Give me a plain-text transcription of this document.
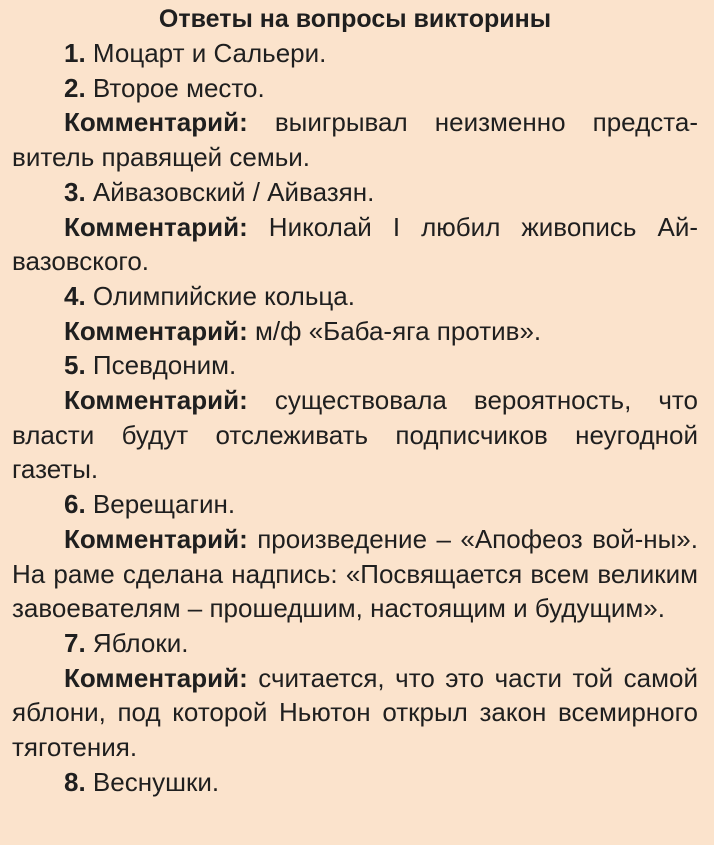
Ответы на вопросы викторины

1. Моцарт и Сальери.

2. Второе место.

Комментарий: выигрывал неизменно предста-витель правящей семьи.

3. Айвазовский / Айвазян.

Комментарий: Николай I любил живопись Ай-вазовского.

4. Олимпийские кольца.

Комментарий: м/ф «Баба-яга против».

5. Псевдоним.

Комментарий: существовала вероятность, что власти будут отслеживать подписчиков неугодной газеты.

6. Верещагин.

Комментарий: произведение – «Апофеоз вой-ны». На раме сделана надпись: «Посвящается всем великим завоевателям – прошедшим, настоящим и будущим».

7. Яблоки.

Комментарий: считается, что это части той самой яблони, под которой Ньютон открыл закон всемирного тяготения.

8. Веснушки.
